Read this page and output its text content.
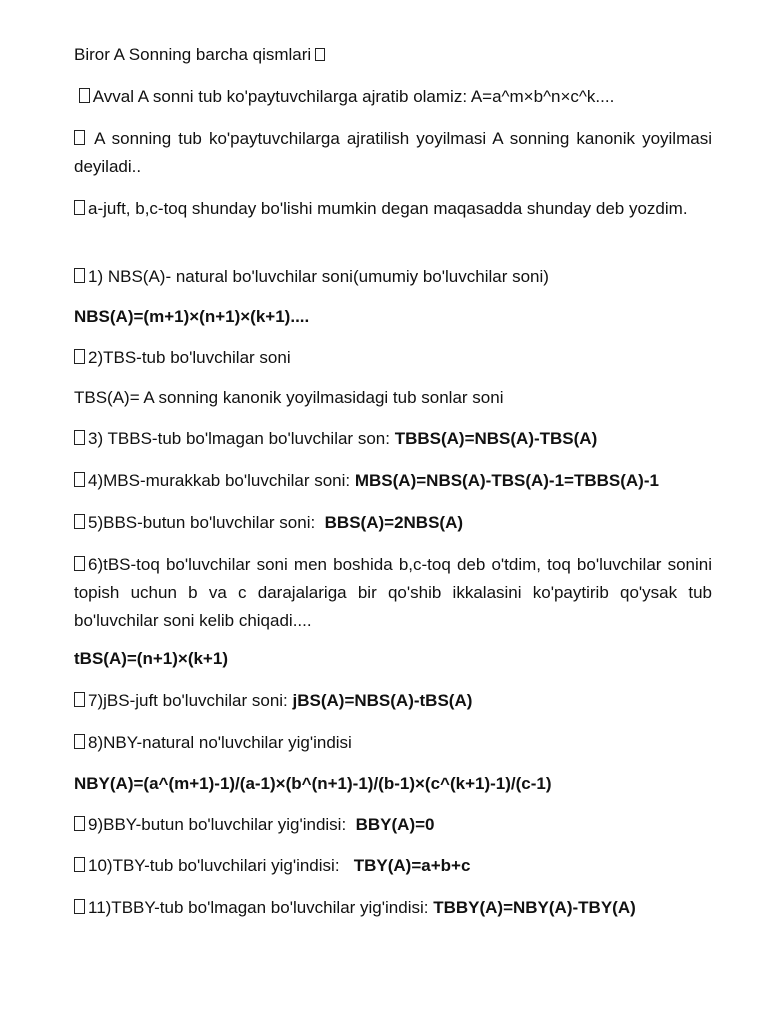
Biror A Sonning barcha qismlari
Avval A sonni tub ko'paytuvchilarga ajratib olamiz: A=a^m×b^n×c^k....
A sonning tub ko'paytuvchilarga ajratilish yoyilmasi A sonning kanonik yoyilmasi deyiladi..
a-juft, b,c-toq shunday bo'lishi mumkin degan maqasadda shunday deb yozdim.
1) NBS(A)- natural bo'luvchilar soni(umumiy bo'luvchilar soni)
NBS(A)=(m+1)×(n+1)×(k+1)....
2)TBS-tub bo'luvchilar soni
TBS(A)= A sonning kanonik yoyilmasidagi tub sonlar soni
3) TBBS-tub bo'lmagan bo'luvchilar son: TBBS(A)=NBS(A)-TBS(A)
4)MBS-murakkab bo'luvchilar soni: MBS(A)=NBS(A)-TBS(A)-1=TBBS(A)-1
5)BBS-butun bo'luvchilar soni:  BBS(A)=2NBS(A)
6)tBS-toq bo'luvchilar soni men boshida b,c-toq deb o'tdim, toq bo'luvchilar sonini topish uchun b va c darajalariga bir qo'shib ikkalasini ko'paytirib qo'ysak tub bo'luvchilar soni kelib chiqadi....
tBS(A)=(n+1)×(k+1)
7)jBS-juft bo'luvchilar soni: jBS(A)=NBS(A)-tBS(A)
8)NBY-natural no'luvchilar yig'indisi
NBY(A)=(a^(m+1)-1)/(a-1)×(b^(n+1)-1)/(b-1)×(c^(k+1)-1)/(c-1)
9)BBY-butun bo'luvchilar yig'indisi:  BBY(A)=0
10)TBY-tub bo'luvchilari yig'indisi:   TBY(A)=a+b+c
11)TBBY-tub bo'lmagan bo'luvchilar yig'indisi: TBBY(A)=NBY(A)-TBY(A)
